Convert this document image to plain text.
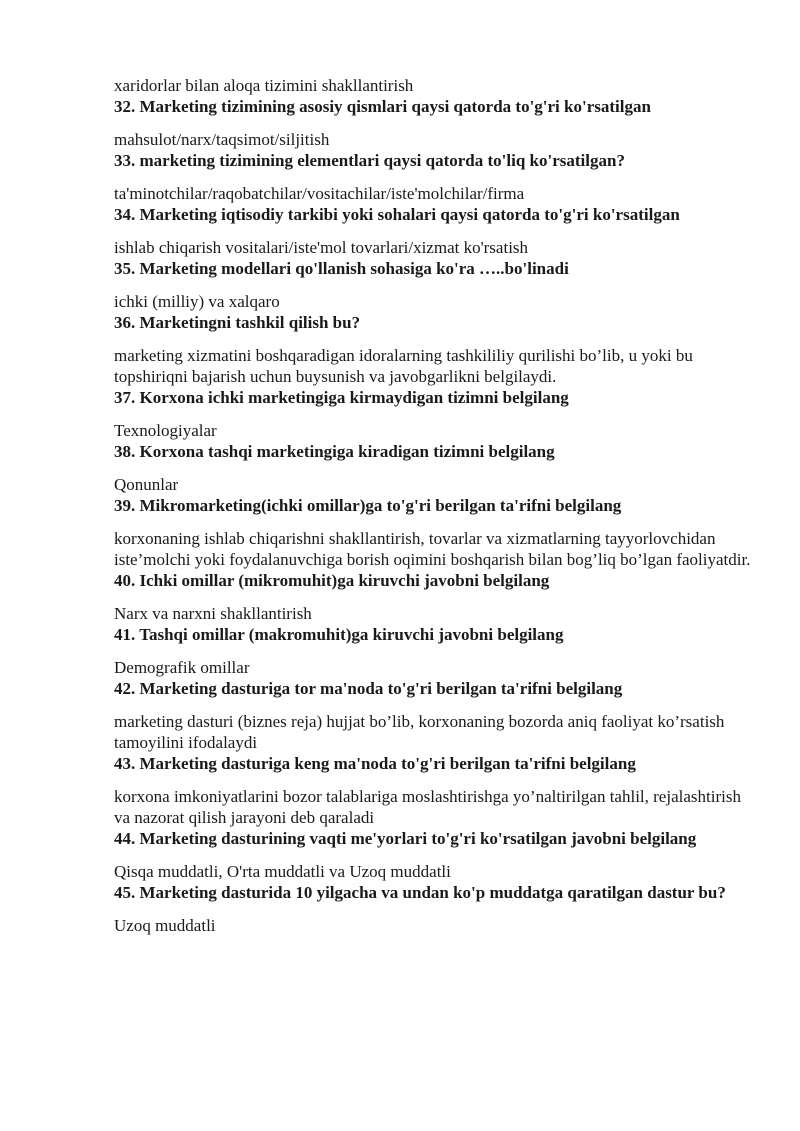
xaridorlar bilan aloqa tizimini shakllantirish

32. Marketing tizimining asosiy qismlari qaysi qatorda to'g'ri ko'rsatilgan

mahsulot/narx/taqsimot/siljitish

33. marketing tizimining elementlari qaysi qatorda to'liq ko'rsatilgan?

ta'minotchilar/raqobatchilar/vositachilar/iste'molchilar/firma

34. Marketing iqtisodiy tarkibi yoki sohalari qaysi qatorda to'g'ri ko'rsatilgan

ishlab chiqarish vositalari/iste'mol tovarlari/xizmat ko'rsatish

35. Marketing modellari qo'llanish sohasiga ko'ra …..bo'linadi

ichki (milliy) va xalqaro

36. Marketingni tashkil qilish bu?

marketing xizmatini boshqaradigan idoralarning tashkililiy qurilishi bo’lib, u yoki bu topshiriqni bajarish uchun buysunish va javobgarlikni belgilaydi.

37. Korxona ichki marketingiga kirmaydigan tizimni belgilang

Texnologiyalar

38. Korxona tashqi marketingiga kiradigan tizimni belgilang

Qonunlar

39. Mikromarketing(ichki omillar)ga to'g'ri berilgan ta'rifni belgilang

korxonaning ishlab chiqarishni shakllantirish, tovarlar va xizmatlarning tayyorlovchidan iste’molchi yoki foydalanuvchiga borish oqimini boshqarish bilan bog’liq bo’lgan faoliyatdir.

40. Ichki omillar (mikromuhit)ga kiruvchi javobni belgilang

Narx va narxni shakllantirish

41. Tashqi omillar (makromuhit)ga kiruvchi javobni belgilang

Demografik omillar

42. Marketing dasturiga tor ma'noda to'g'ri berilgan ta'rifni belgilang

marketing dasturi (biznes reja) hujjat bo’lib, korxonaning bozorda aniq faoliyat ko’rsatish tamoyilini ifodalaydi

43. Marketing dasturiga keng ma'noda to'g'ri berilgan ta'rifni belgilang

korxona imkoniyatlarini bozor talablariga moslashtirishga yo’naltirilgan tahlil, rejalashtirish va nazorat qilish jarayoni deb qaraladi

44. Marketing dasturining vaqti me'yorlari to'g'ri ko'rsatilgan javobni belgilang

Qisqa muddatli, O'rta muddatli va Uzoq muddatli

45. Marketing dasturida 10 yilgacha va undan ko'p muddatga qaratilgan dastur bu?

Uzoq muddatli
